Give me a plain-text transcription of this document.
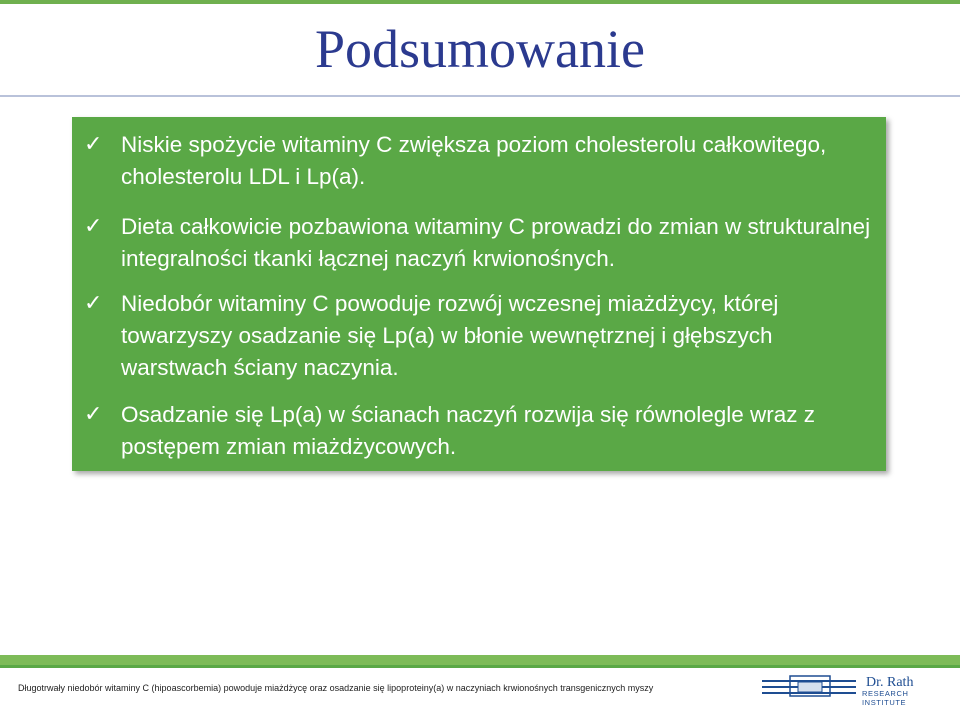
Podsumowanie
✓ Niskie spożycie witaminy C zwiększa poziom cholesterolu całkowitego, cholesterolu LDL i Lp(a).
✓ Dieta całkowicie pozbawiona witaminy C prowadzi do zmian w strukturalnej integralności tkanki łącznej naczyń krwionośnych.
✓ Niedobór witaminy C powoduje rozwój wczesnej miażdżycy, której towarzyszy osadzanie się Lp(a) w błonie wewnętrznej i głębszych warstwach ściany naczynia.
✓ Osadzanie się Lp(a) w ścianach naczyń rozwija się równolegle wraz z postępem zmian miażdżycowych.
Długotrwały niedobór witaminy C (hipoascorbemia) powoduje miażdżycę oraz osadzanie się lipoproteiny(a) w naczyniach krwionośnych transgenicznych myszy	Dr. Rath
RESEARCH INSTITUTE
